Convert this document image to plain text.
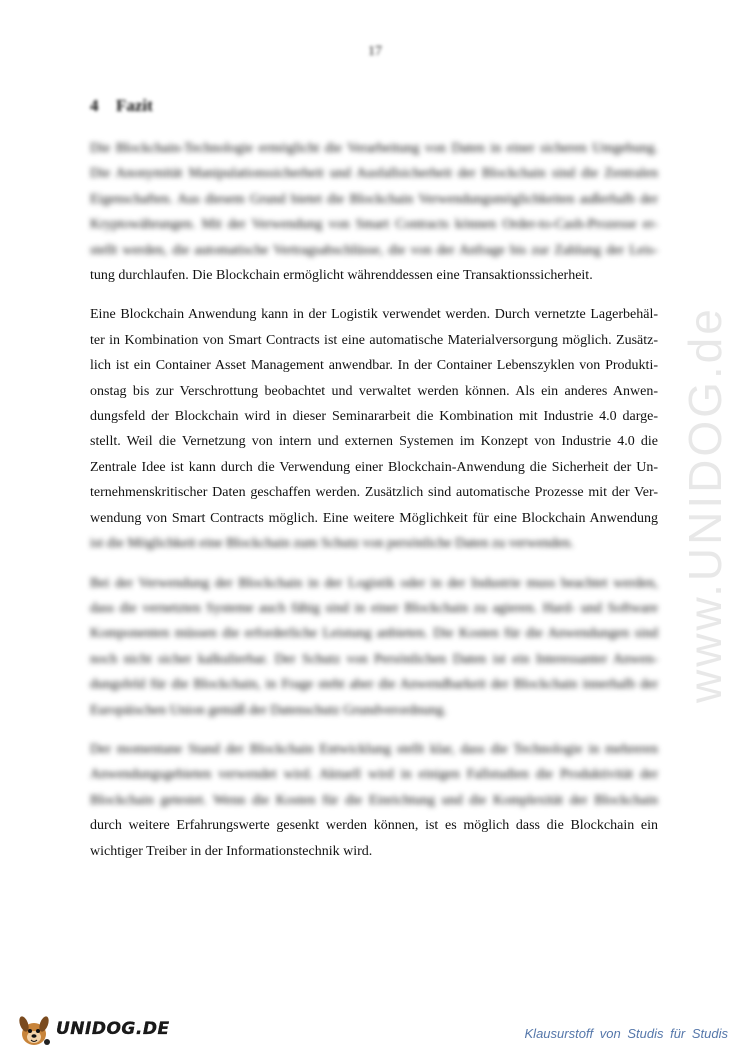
17
4 Fazit
Die Blockchain-Technologie ermöglicht die Verarbeitung von Daten in einer sicheren Umgebung.
Die Anonymität Manipulationssicherheit und Ausfallsicherheit der Blockchain sind die Zentralen
Eigenschaften. Aus diesem Grund bietet die Blockchain Verwendungsmöglichkeiten außerhalb der
Kryptowährungen. Mit der Verwendung von Smart Contracts können Order-to-Cash-Prozesse er-
stellt werden, die automatische Vertragsabschlüsse, die von der Anfrage bis zur Zahlung der Leis-
tung durchlaufen. Die Blockchain ermöglicht währenddessen eine Transaktionssicherheit.
Eine Blockchain Anwendung kann in der Logistik verwendet werden. Durch vernetzte Lagerbehäl-
ter in Kombination von Smart Contracts ist eine automatische Materialversorgung möglich. Zusätz-
lich ist ein Container Asset Management anwendbar. In der Container Lebenszyklen von Produkti-
onstag bis zur Verschrottung beobachtet und verwaltet werden können. Als ein anderes Anwen-
dungsfeld der Blockchain wird in dieser Seminararbeit die Kombination mit Industrie 4.0 darge-
stellt. Weil die Vernetzung von intern und externen Systemen im Konzept von Industrie 4.0 die
Zentrale Idee ist kann durch die Verwendung einer Blockchain-Anwendung die Sicherheit der Un-
ternehmenskritischer Daten geschaffen werden. Zusätzlich sind automatische Prozesse mit der Ver-
wendung von Smart Contracts möglich. Eine weitere Möglichkeit für eine Blockchain Anwendung
ist die Möglichkeit eine Blockchain zum Schutz von persönliche Daten zu verwenden.
Bei der Verwendung der Blockchain in der Logistik oder in der Industrie muss beachtet werden,
dass die vernetzten Systeme auch fähig sind in einer Blockchain zu agieren. Hard- und Software
Komponenten müssen die erforderliche Leistung anbieten. Die Kosten für die Anwendungen sind
noch nicht sicher kalkulierbar. Der Schutz von Persönlichen Daten ist ein Interessanter Anwen-
dungsfeld für die Blockchain, in Frage steht aber die Anwendbarkeit der Blockchain innerhalb der
Europäischen Union gemäß der Datenschutz Grundverordnung.
Der momentane Stand der Blockchain Entwicklung stellt klar, dass die Technologie in mehreren
Anwendungsgebieten verwendet wird. Aktuell wird in einigen Fallstudien die Produktivität der
Blockchain getestet. Wenn die Kosten für die Einrichtung und die Komplexität der Blockchain
durch weitere Erfahrungswerte gesenkt werden können, ist es möglich dass die Blockchain ein
wichtiger Treiber in der Informationstechnik wird.
www.UNIDOG.de
UNIDOG.DE	Klausurstoff von Studis für Studis
